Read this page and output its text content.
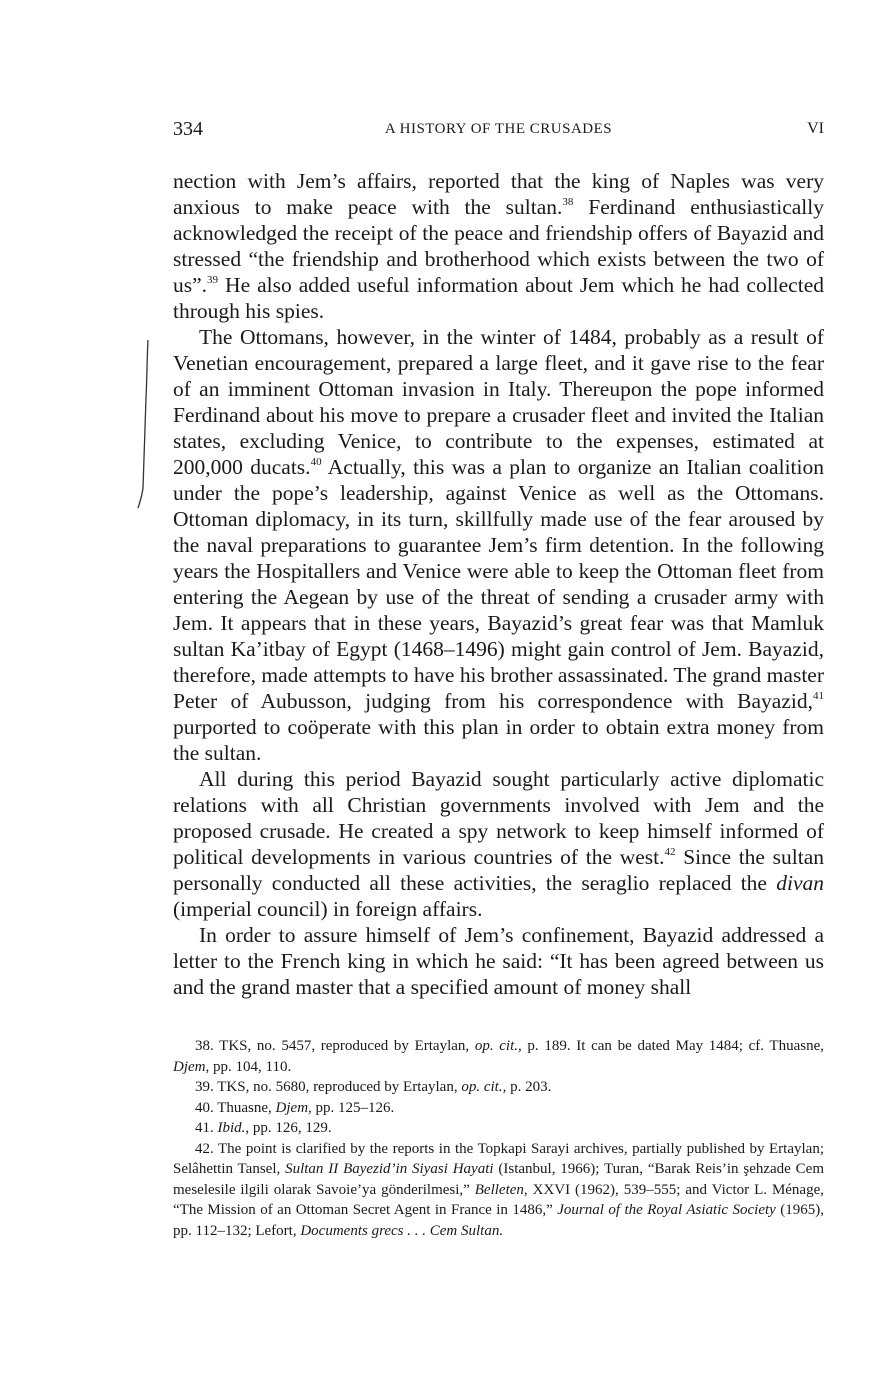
334	A HISTORY OF THE CRUSADES	VI

nection with Jem’s affairs, reported that the king of Naples was very anxious to make peace with the sultan.$^{38}$ Ferdinand enthusiastically acknowledged the receipt of the peace and friendship offers of Bayazid and stressed “the friendship and brotherhood which exists between the two of us”.$^{39}$ He also added useful information about Jem which he had collected through his spies.

The Ottomans, however, in the winter of 1484, probably as a result of Venetian encouragement, prepared a large fleet, and it gave rise to the fear of an imminent Ottoman invasion in Italy. Thereupon the pope informed Ferdinand about his move to prepare a crusader fleet and invited the Italian states, excluding Venice, to contribute to the expenses, estimated at 200,000 ducats.$^{40}$ Actually, this was a plan to organize an Italian coalition under the pope’s leadership, against Venice as well as the Ottomans. Ottoman diplomacy, in its turn, skillfully made use of the fear aroused by the naval preparations to guarantee Jem’s firm detention. In the following years the Hospitallers and Venice were able to keep the Ottoman fleet from entering the Aegean by use of the threat of sending a crusader army with Jem. It appears that in these years, Bayazid’s great fear was that Mamluk sultan Ka’itbay of Egypt (1468–1496) might gain control of Jem. Bayazid, therefore, made attempts to have his brother assassinated. The grand master Peter of Aubusson, judging from his correspondence with Bayazid,$^{41}$ purported to coöperate with this plan in order to obtain extra money from the sultan.

All during this period Bayazid sought particularly active diplomatic relations with all Christian governments involved with Jem and the proposed crusade. He created a spy network to keep himself informed of political developments in various countries of the west.$^{42}$ Since the sultan personally conducted all these activities, the seraglio replaced the divan (imperial council) in foreign affairs.

In order to assure himself of Jem’s confinement, Bayazid addressed a letter to the French king in which he said: “It has been agreed between us and the grand master that a specified amount of money shall

38. TKS, no. 5457, reproduced by Ertaylan, op. cit., p. 189. It can be dated May 1484; cf. Thuasne, Djem, pp. 104, 110.

39. TKS, no. 5680, reproduced by Ertaylan, op. cit., p. 203.

40. Thuasne, Djem, pp. 125–126.

41. Ibid., pp. 126, 129.

42. The point is clarified by the reports in the Topkapi Sarayi archives, partially published by Ertaylan; Selâhettin Tansel, Sultan II Bayezid’in Siyasi Hayati (Istanbul, 1966); Turan, “Barak Reis’in şehzade Cem meselesile ilgili olarak Savoie’ya gönderilmesi,” Belleten, XXVI (1962), 539–555; and Victor L. Ménage, “The Mission of an Ottoman Secret Agent in France in 1486,” Journal of the Royal Asiatic Society (1965), pp. 112–132; Lefort, Documents grecs . . . Cem Sultan.
